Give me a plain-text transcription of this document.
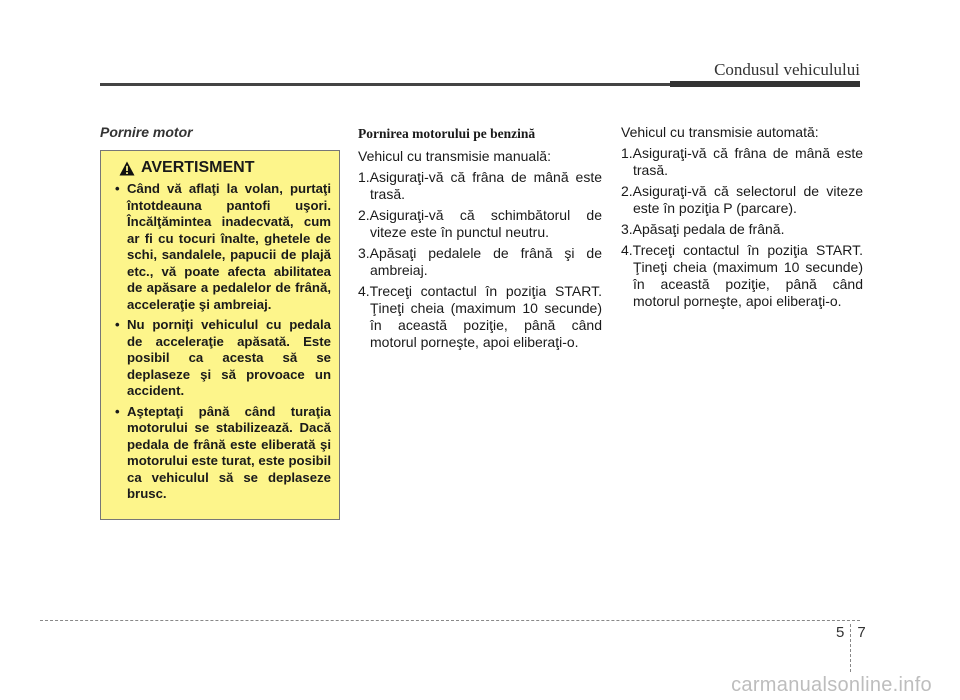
Condusul vehiculului
Pornire motor
AVERTISMENT
• Când vă aflaţi la volan, purtaţi întotdeauna pantofi uşori. Încălţămintea inadecvată, cum ar fi cu tocuri înalte, ghetele de schi, sandalele, papucii de plajă etc., vă poate afecta abilitatea de apăsare a pedalelor de frână, acceleraţie şi ambreiaj.
• Nu porniţi vehiculul cu pedala de acceleraţie apăsată. Este posibil ca acesta să se deplaseze şi să provoace un accident.
• Aşteptaţi până când turaţia motorului se stabilizează. Dacă pedala de frână este eliberată şi motorului este turat, este posibil ca vehiculul să se deplaseze brusc.
Pornirea motorului pe benzină

Vehicul cu transmisie manuală:

1.Asiguraţi-vă că frâna de mână este trasă.
2.Asiguraţi-vă că schimbătorul de viteze este în punctul neutru.
3.Apăsaţi pedalele de frână şi de ambreiaj.
4.Treceţi contactul în poziţia START. Ţineţi cheia (maximum 10 secunde) în această poziţie, până când motorul porneşte, apoi eliberaţi-o.

Vehicul cu transmisie automată:

1.Asiguraţi-vă că frâna de mână este trasă.
2.Asiguraţi-vă că selectorul de viteze este în poziţia P (parcare).
3.Apăsaţi pedala de frână.
4.Treceţi contactul în poziţia START. Ţineţi cheia (maximum 10 secunde) în această poziţie, până când motorul porneşte, apoi eliberaţi-o.
5 7
carmanualsonline.info
